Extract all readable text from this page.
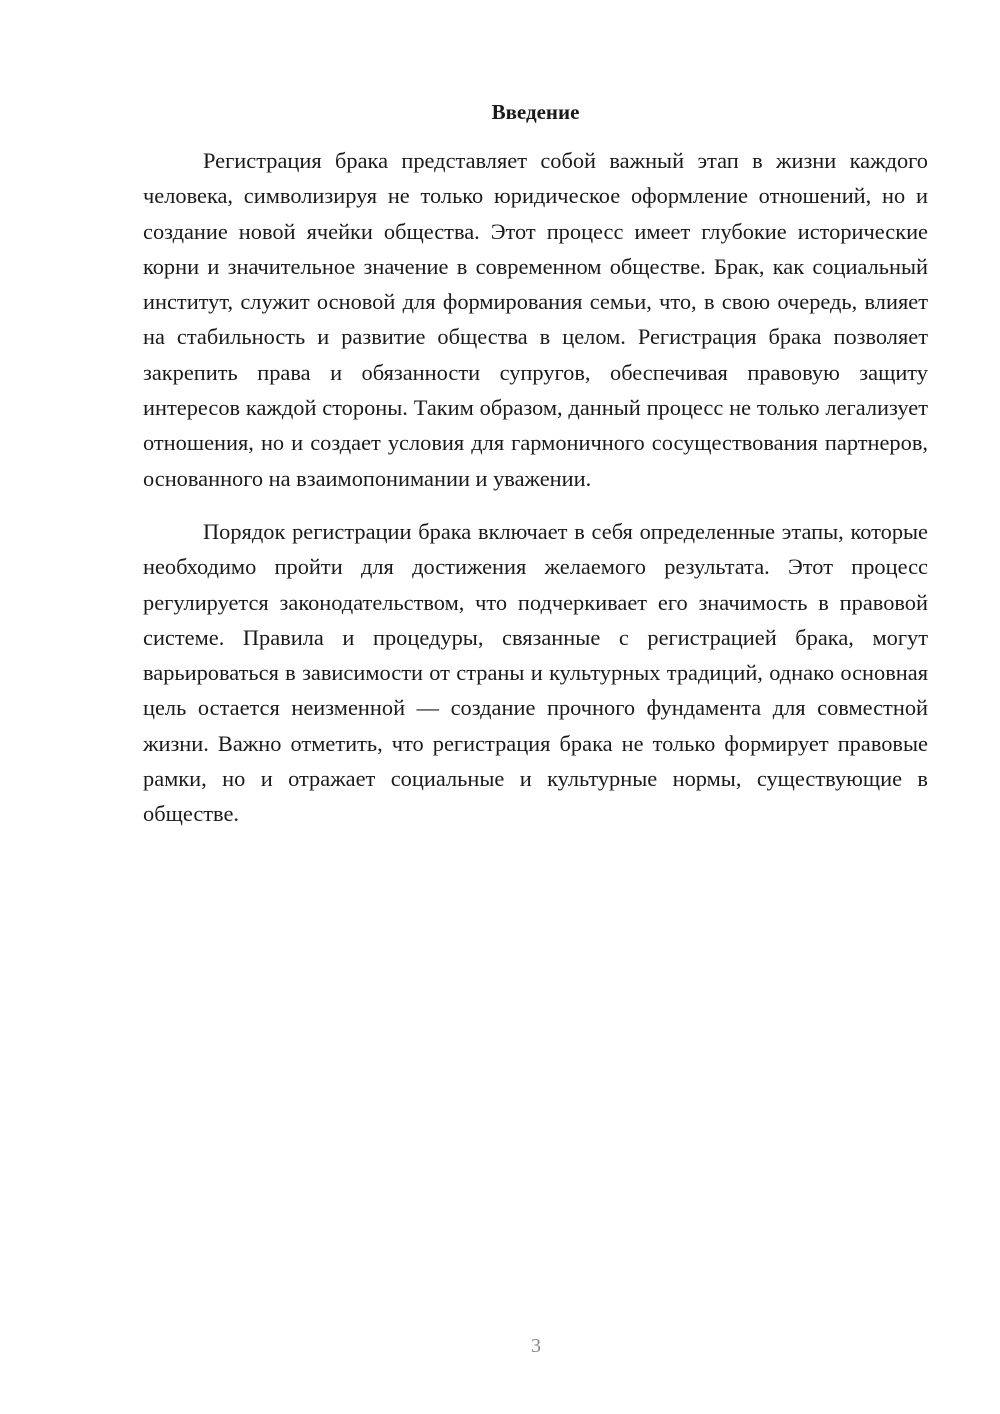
Введение

Регистрация брака представляет собой важный этап в жизни каждого человека, символизируя не только юридическое оформление отношений, но и создание новой ячейки общества. Этот процесс имеет глубокие исторические корни и значительное значение в современном обществе. Брак, как социальный институт, служит основой для формирования семьи, что, в свою очередь, влияет на стабильность и развитие общества в целом. Регистрация брака позволяет закрепить права и обязанности супругов, обеспечивая правовую защиту интересов каждой стороны. Таким образом, данный процесс не только легализует отношения, но и создает условия для гармоничного сосуществования партнеров, основанного на взаимопонимании и уважении.

Порядок регистрации брака включает в себя определенные этапы, которые необходимо пройти для достижения желаемого результата. Этот процесс регулируется законодательством, что подчеркивает его значимость в правовой системе. Правила и процедуры, связанные с регистрацией брака, могут варьироваться в зависимости от страны и культурных традиций, однако основная цель остается неизменной — создание прочного фундамента для совместной жизни. Важно отметить, что регистрация брака не только формирует правовые рамки, но и отражает социальные и культурные нормы, существующие в обществе.

3
